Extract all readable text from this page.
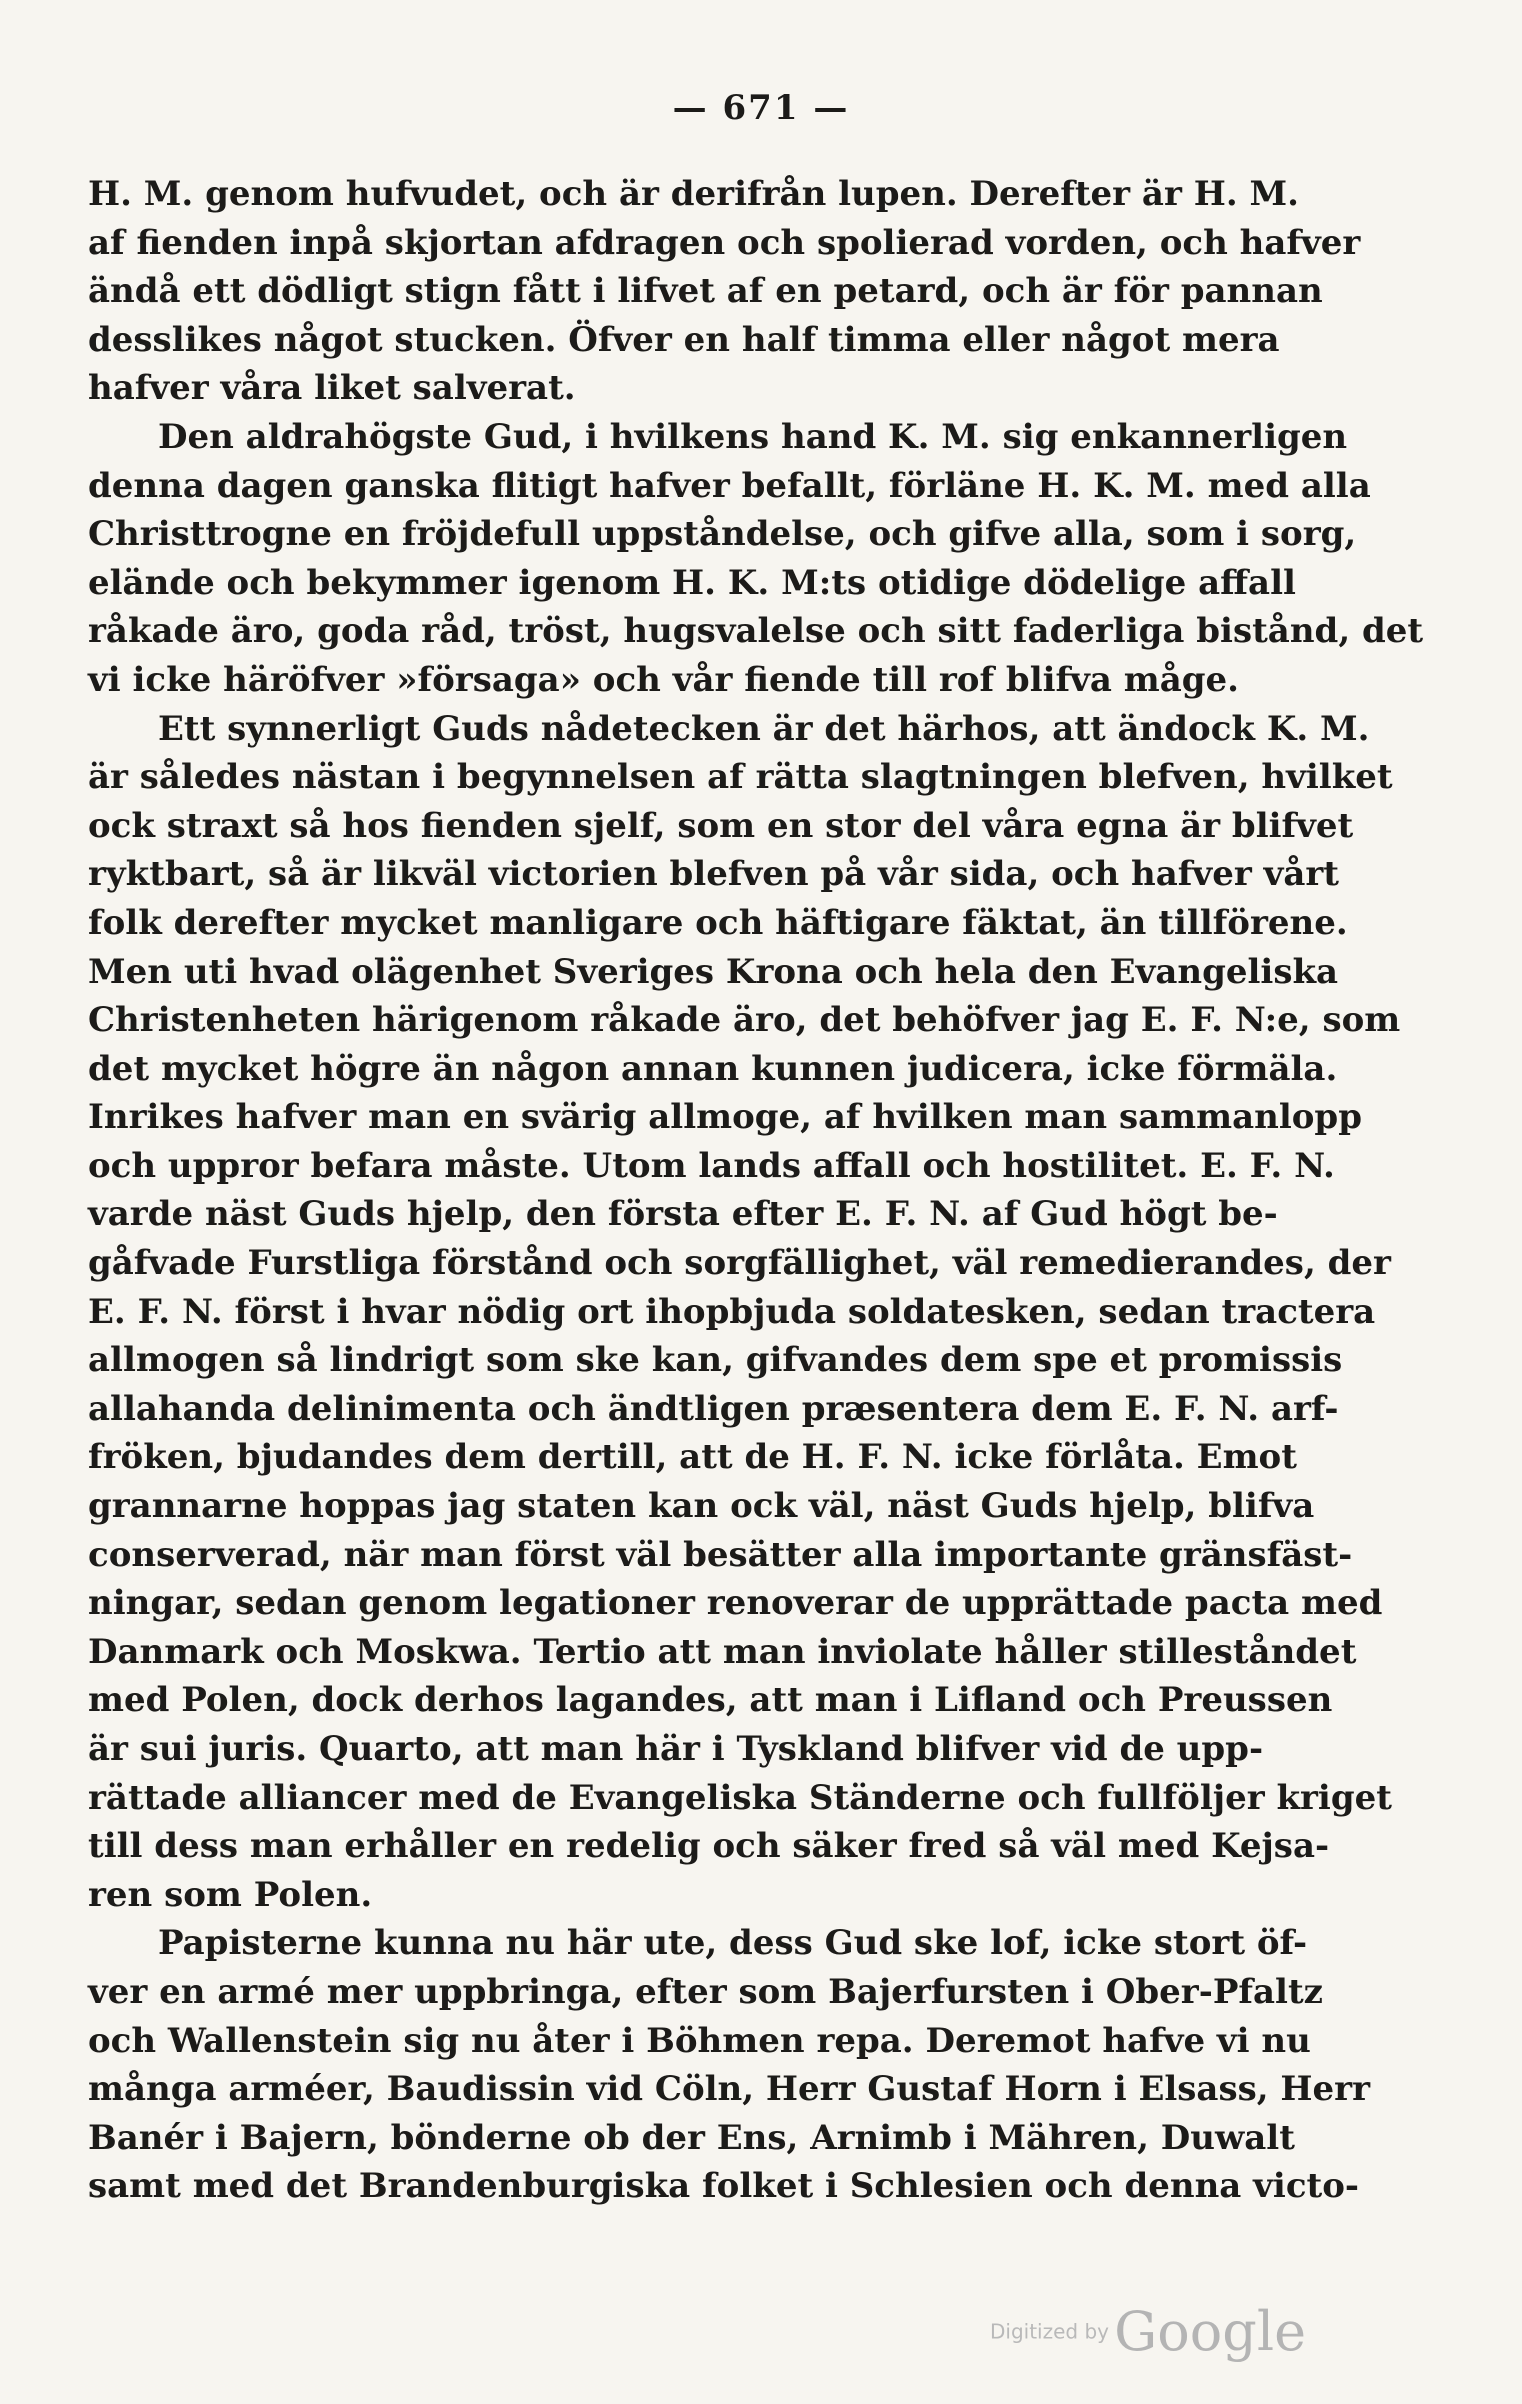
— 671 —
H. M. genom hufvudet, och är derifrån lupen. Derefter är H. M.
af fienden inpå skjortan afdragen och spolierad vorden, och hafver
ändå ett dödligt stign fått i lifvet af en petard, och är för pannan
desslikes något stucken. Öfver en half timma eller något mera
hafver våra liket salverat.
Den aldrahögste Gud, i hvilkens hand K. M. sig enkannerligen
denna dagen ganska flitigt hafver befallt, förläne H. K. M. med alla
Christtrogne en fröjdefull uppståndelse, och gifve alla, som i sorg,
elände och bekymmer igenom H. K. M:ts otidige dödelige affall
råkade äro, goda råd, tröst, hugsvalelse och sitt faderliga bistånd, det
vi icke häröfver »försaga» och vår fiende till rof blifva måge.
Ett synnerligt Guds nådetecken är det härhos, att ändock K. M.
är således nästan i begynnelsen af rätta slagtningen blefven, hvilket
ock straxt så hos fienden sjelf, som en stor del våra egna är blifvet
ryktbart, så är likväl victorien blefven på vår sida, och hafver vårt
folk derefter mycket manligare och häftigare fäktat, än tillförene.
Men uti hvad olägenhet Sveriges Krona och hela den Evangeliska
Christenheten härigenom råkade äro, det behöfver jag E. F. N:e, som
det mycket högre än någon annan kunnen judicera, icke förmäla.
Inrikes hafver man en svärig allmoge, af hvilken man sammanlopp
och uppror befara måste. Utom lands affall och hostilitet. E. F. N.
varde näst Guds hjelp, den första efter E. F. N. af Gud högt be-
gåfvade Furstliga förstånd och sorgfällighet, väl remedierandes, der
E. F. N. först i hvar nödig ort ihopbjuda soldatesken, sedan tractera
allmogen så lindrigt som ske kan, gifvandes dem spe et promissis
allahanda delinimenta och ändtligen præsentera dem E. F. N. arf-
fröken, bjudandes dem dertill, att de H. F. N. icke förlåta. Emot
grannarne hoppas jag staten kan ock väl, näst Guds hjelp, blifva
conserverad, när man först väl besätter alla importante gränsfäst-
ningar, sedan genom legationer renoverar de upprättade pacta med
Danmark och Moskwa. Tertio att man inviolate håller stilleståndet
med Polen, dock derhos lagandes, att man i Lifland och Preussen
är sui juris. Quarto, att man här i Tyskland blifver vid de upp-
rättade alliancer med de Evangeliska Ständerne och fullföljer kriget
till dess man erhåller en redelig och säker fred så väl med Kejsa-
ren som Polen.
Papisterne kunna nu här ute, dess Gud ske lof, icke stort öf-
ver en armé mer uppbringa, efter som Bajerfursten i Ober-Pfaltz
och Wallenstein sig nu åter i Böhmen repa. Deremot hafve vi nu
många arméer, Baudissin vid Cöln, Herr Gustaf Horn i Elsass, Herr
Banér i Bajern, bönderne ob der Ens, Arnimb i Mähren, Duwalt
samt med det Brandenburgiska folket i Schlesien och denna victo-
Digitized by Google
